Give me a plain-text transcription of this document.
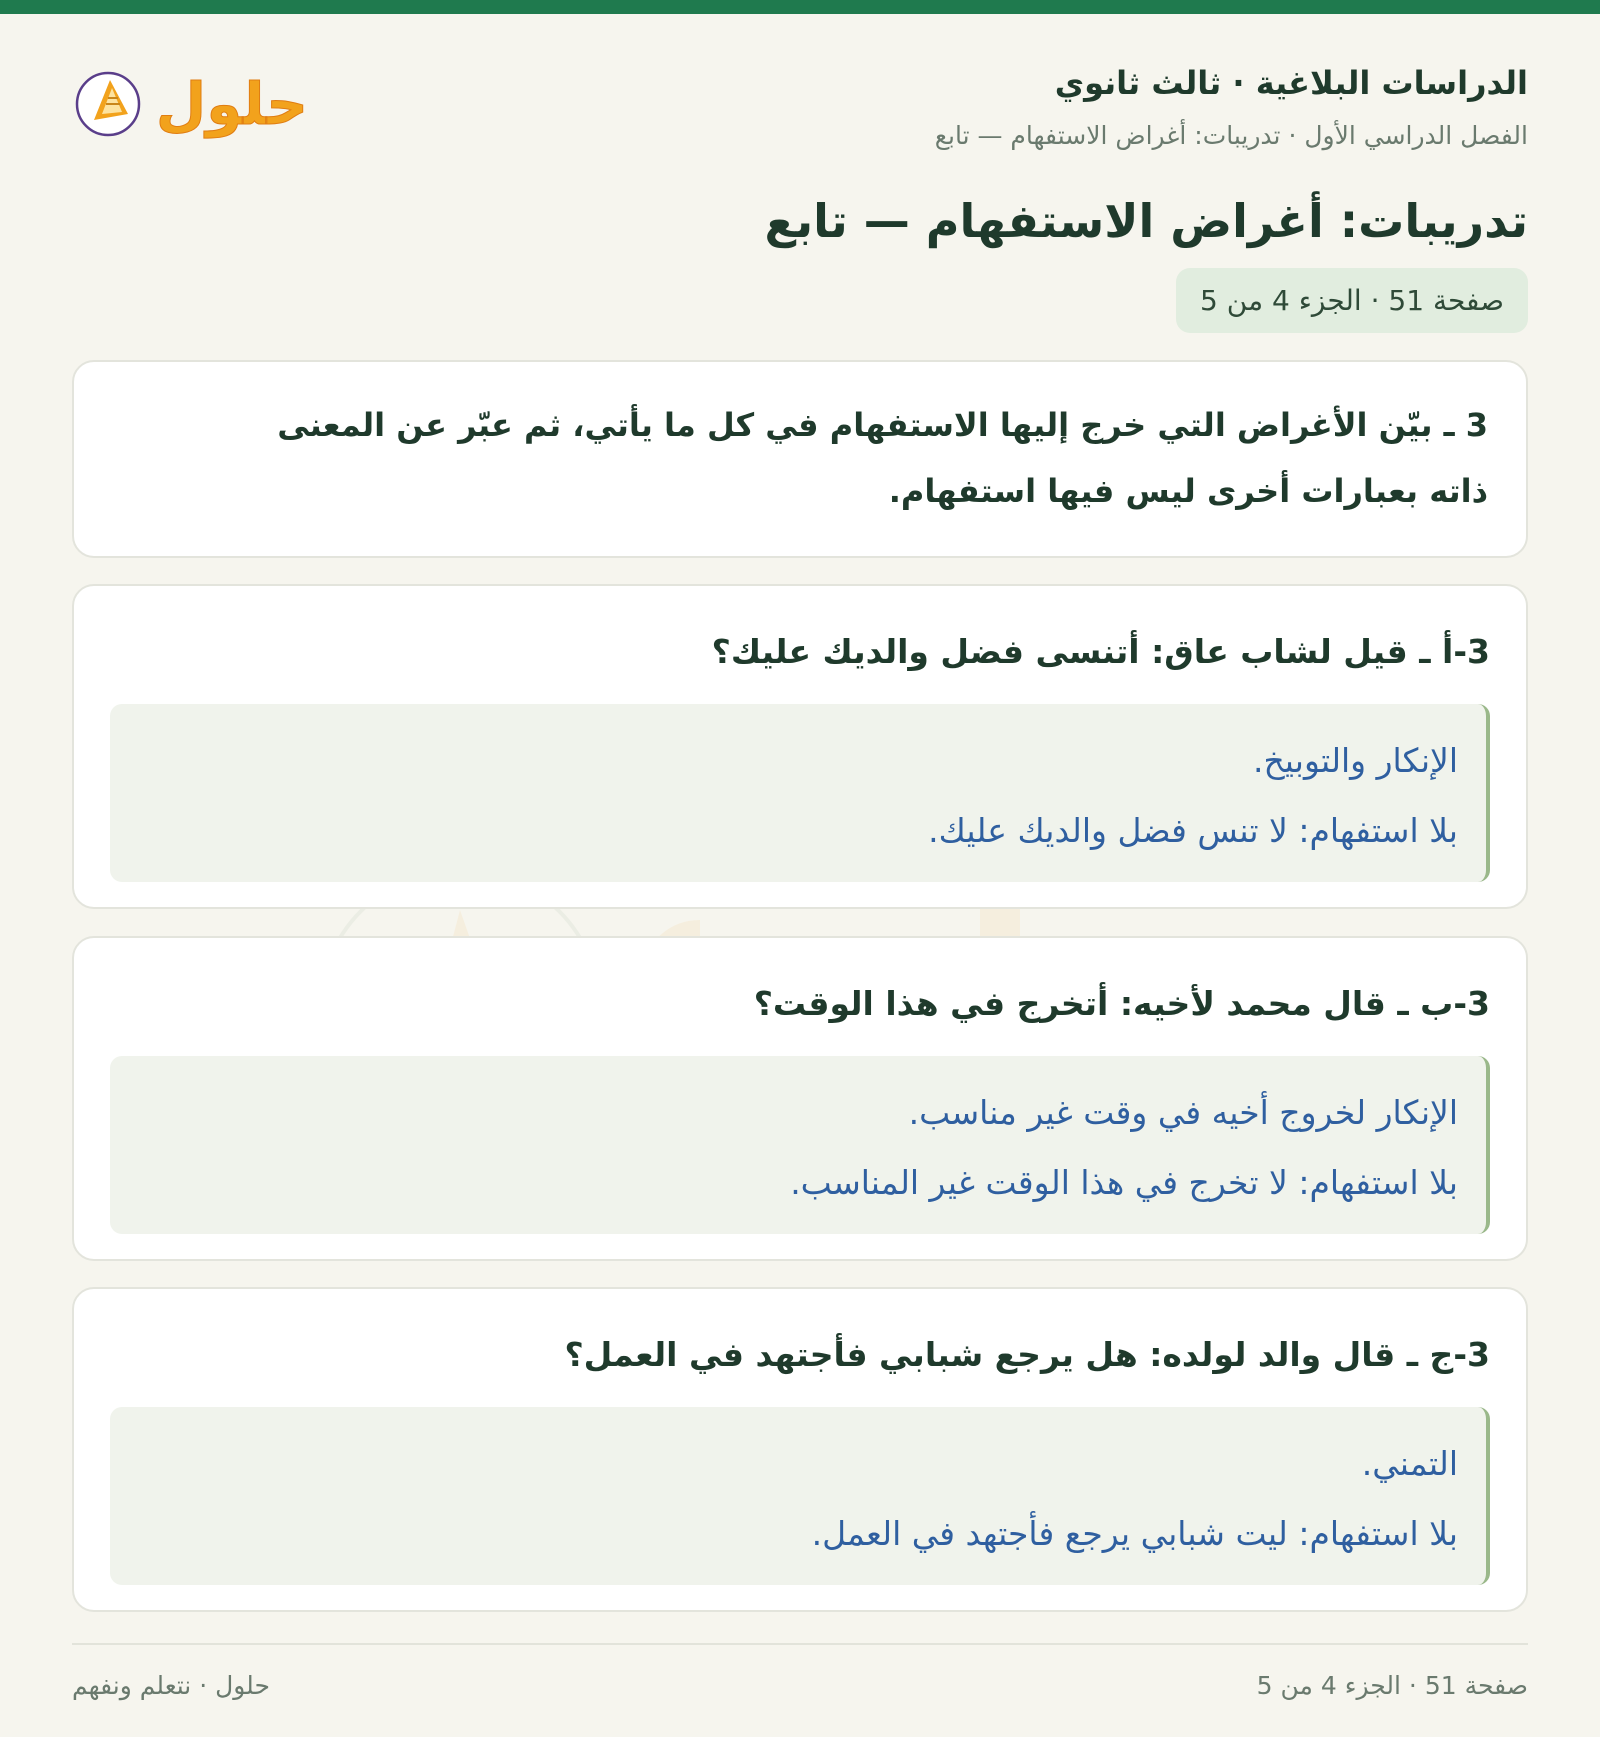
الدراسات البلاغية · ثالث ثانوي
الفصل الدراسي الأول · تدريبات: أغراض الاستفهام — تابع
حلول
تدريبات: أغراض الاستفهام — تابع
صفحة 51 · الجزء 4 من 5
3 ـ بيّن الأغراض التي خرج إليها الاستفهام في كل ما يأتي، ثم عبّر عن المعنى
ذاته بعبارات أخرى ليس فيها استفهام.
3-أ ـ قيل لشاب عاق: أتنسى فضل والديك عليك؟
الإنكار والتوبيخ.
بلا استفهام: لا تنس فضل والديك عليك.
3-ب ـ قال محمد لأخيه: أتخرج في هذا الوقت؟
الإنكار لخروج أخيه في وقت غير مناسب.
بلا استفهام: لا تخرج في هذا الوقت غير المناسب.
3-ج ـ قال والد لولده: هل يرجع شبابي فأجتهد في العمل؟
التمني.
بلا استفهام: ليت شبابي يرجع فأجتهد في العمل.
صفحة 51 · الجزء 4 من 5
حلول · نتعلم ونفهم
